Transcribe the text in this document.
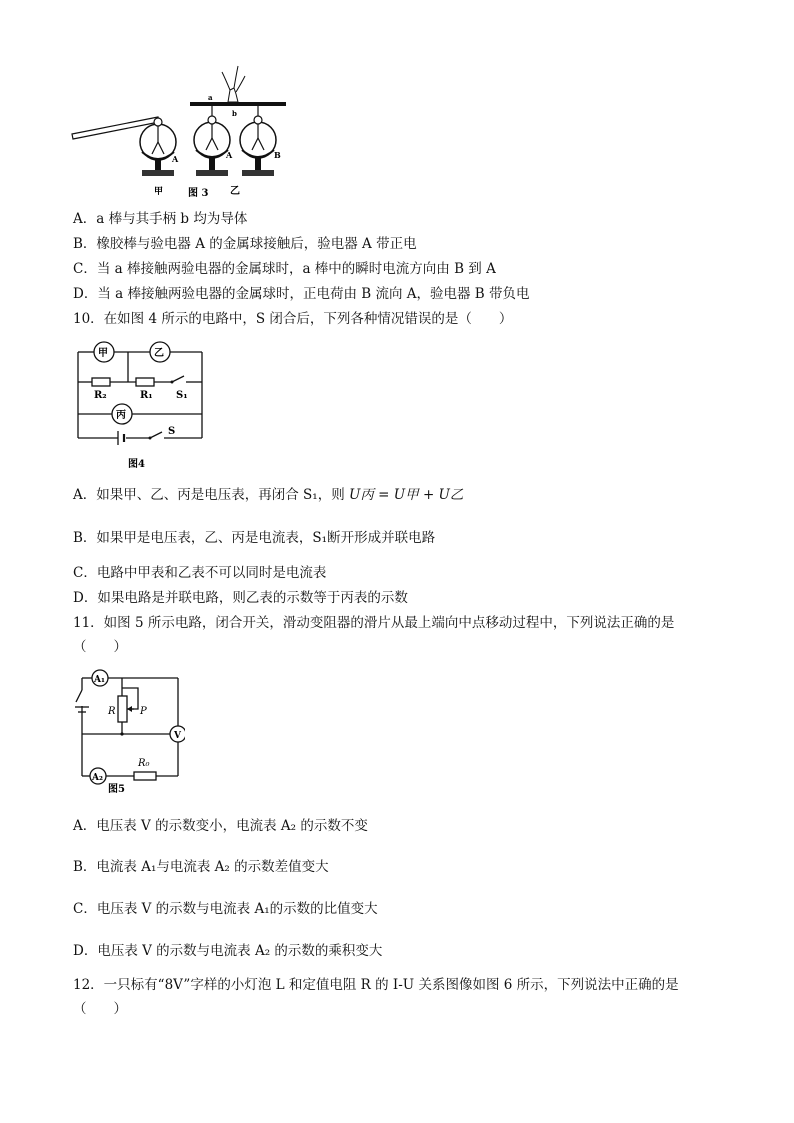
A
甲 图 3
a
b
A	B
乙
A．a 棒与其手柄 b 均为导体
B．橡胶棒与验电器 A 的金属球接触后，验电器 A 带正电
C．当 a 棒接触两验电器的金属球时，a 棒中的瞬时电流方向由 B 到 A
D．当 a 棒接触两验电器的金属球时，正电荷由 B 流向 A，验电器 B 带负电
10．在如图 4 所示的电路中，S 闭合后，下列各种情况错误的是（　　）
甲	乙
丙
R₂	R₁ S₁
S
图4
A．如果甲、乙、丙是电压表，再闭合 S₁，则 U丙 = U甲 + U乙
B．如果甲是电压表，乙、丙是电流表，S₁断开形成并联电路
C．电路中甲表和乙表不可以同时是电流表
D．如果电路是并联电路，则乙表的示数等于丙表的示数
11．如图 5 所示电路，闭合开关，滑动变阻器的滑片从最上端向中点移动过程中，下列说法正确的是
（　　）
A₁
R P
V
A₂
R₀
图5
A．电压表 V 的示数变小，电流表 A₂ 的示数不变
B．电流表 A₁与电流表 A₂ 的示数差值变大
C．电压表 V 的示数与电流表 A₁的示数的比值变大
D．电压表 V 的示数与电流表 A₂ 的示数的乘积变大
12．一只标有“8V”字样的小灯泡 L 和定值电阻 R 的 I-U 关系图像如图 6 所示，下列说法中正确的是
（　　）
